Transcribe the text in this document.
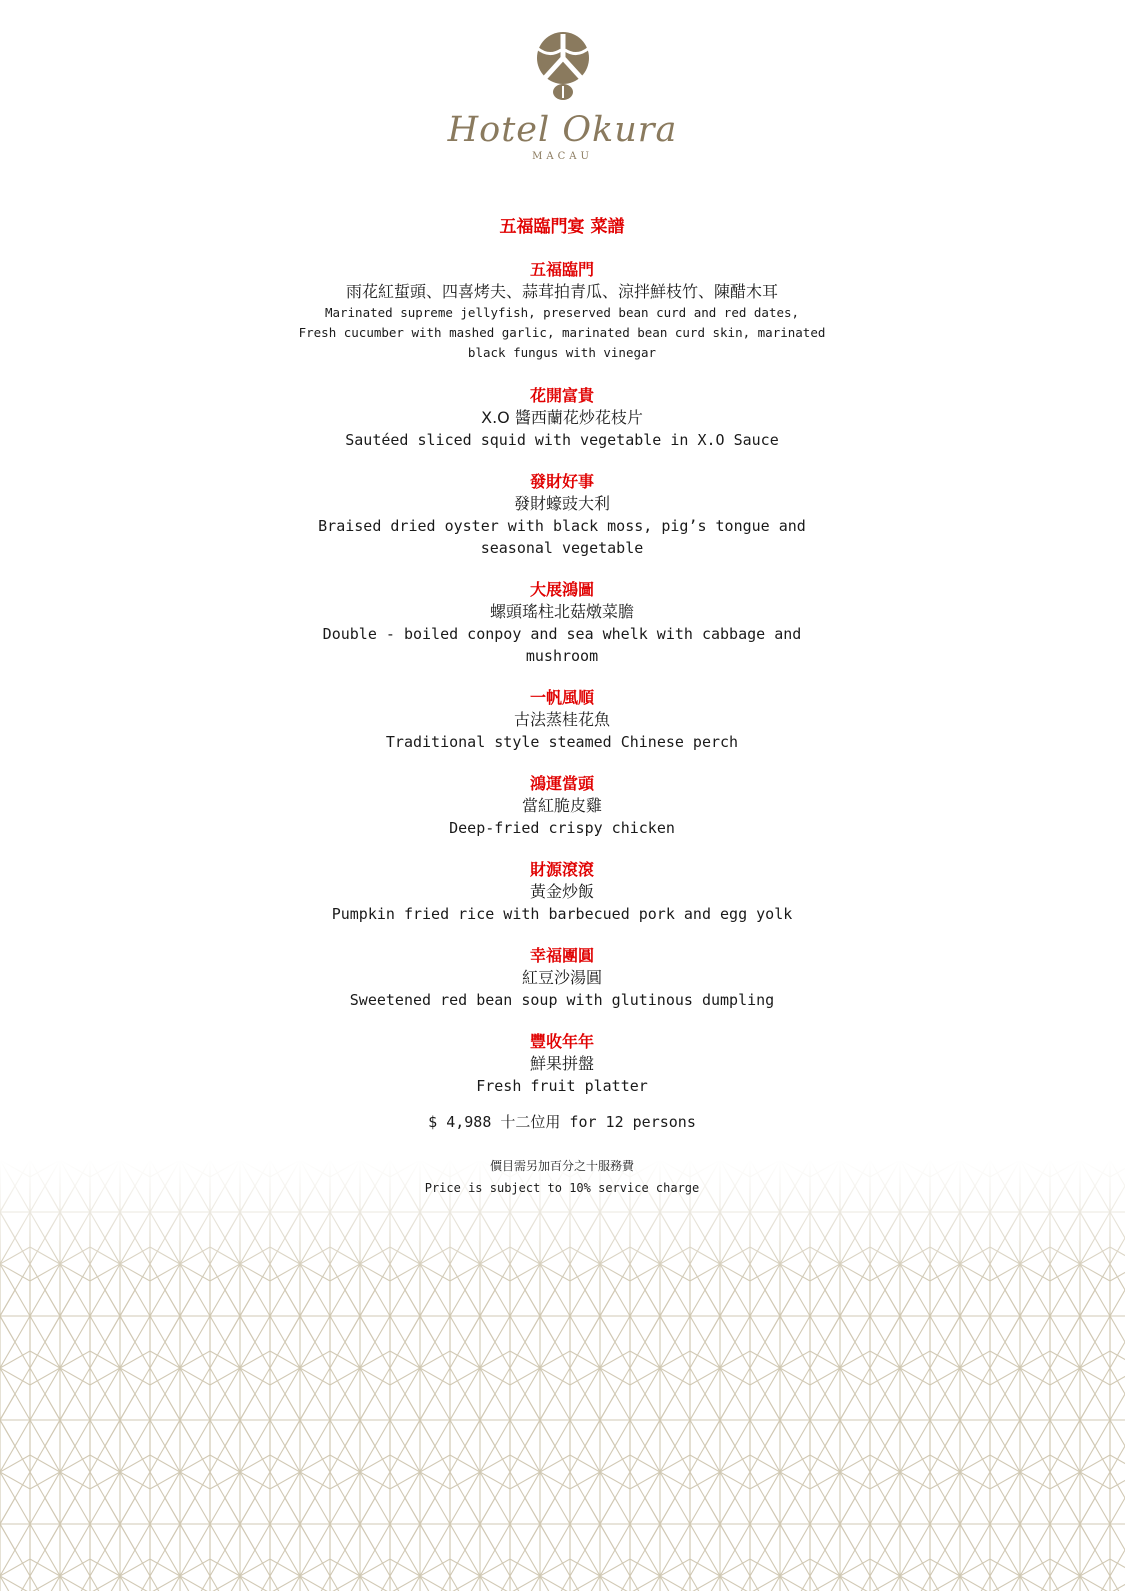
Hotel Okura
MACAU
五福臨門宴 菜譜
五福臨門
雨花紅蜇頭、四喜烤夫、蒜茸拍青瓜、涼拌鮮枝竹、陳醋木耳
Marinated supreme jellyfish, preserved bean curd and red dates,
Fresh cucumber with mashed garlic, marinated bean curd skin, marinated
black fungus with vinegar
花開富貴
X.O 醬西蘭花炒花枝片
Sautéed sliced squid with vegetable in X.O Sauce
發財好事
發財蠔豉大利
Braised dried oyster with black moss, pig’s tongue and
seasonal vegetable
大展鴻圖
螺頭瑤柱北菇燉菜膽
Double - boiled conpoy and sea whelk with cabbage and
mushroom
一帆風順
古法蒸桂花魚
Traditional style steamed Chinese perch
鴻運當頭
當紅脆皮雞
Deep-fried crispy chicken
財源滾滾
黃金炒飯
Pumpkin fried rice with barbecued pork and egg yolk
幸福團圓
紅豆沙湯圓
Sweetened red bean soup with glutinous dumpling
豐收年年
鮮果拼盤
Fresh fruit platter
$ 4,988 十二位用 for 12 persons
價目需另加百分之十服務費
Price is subject to 10% service charge
